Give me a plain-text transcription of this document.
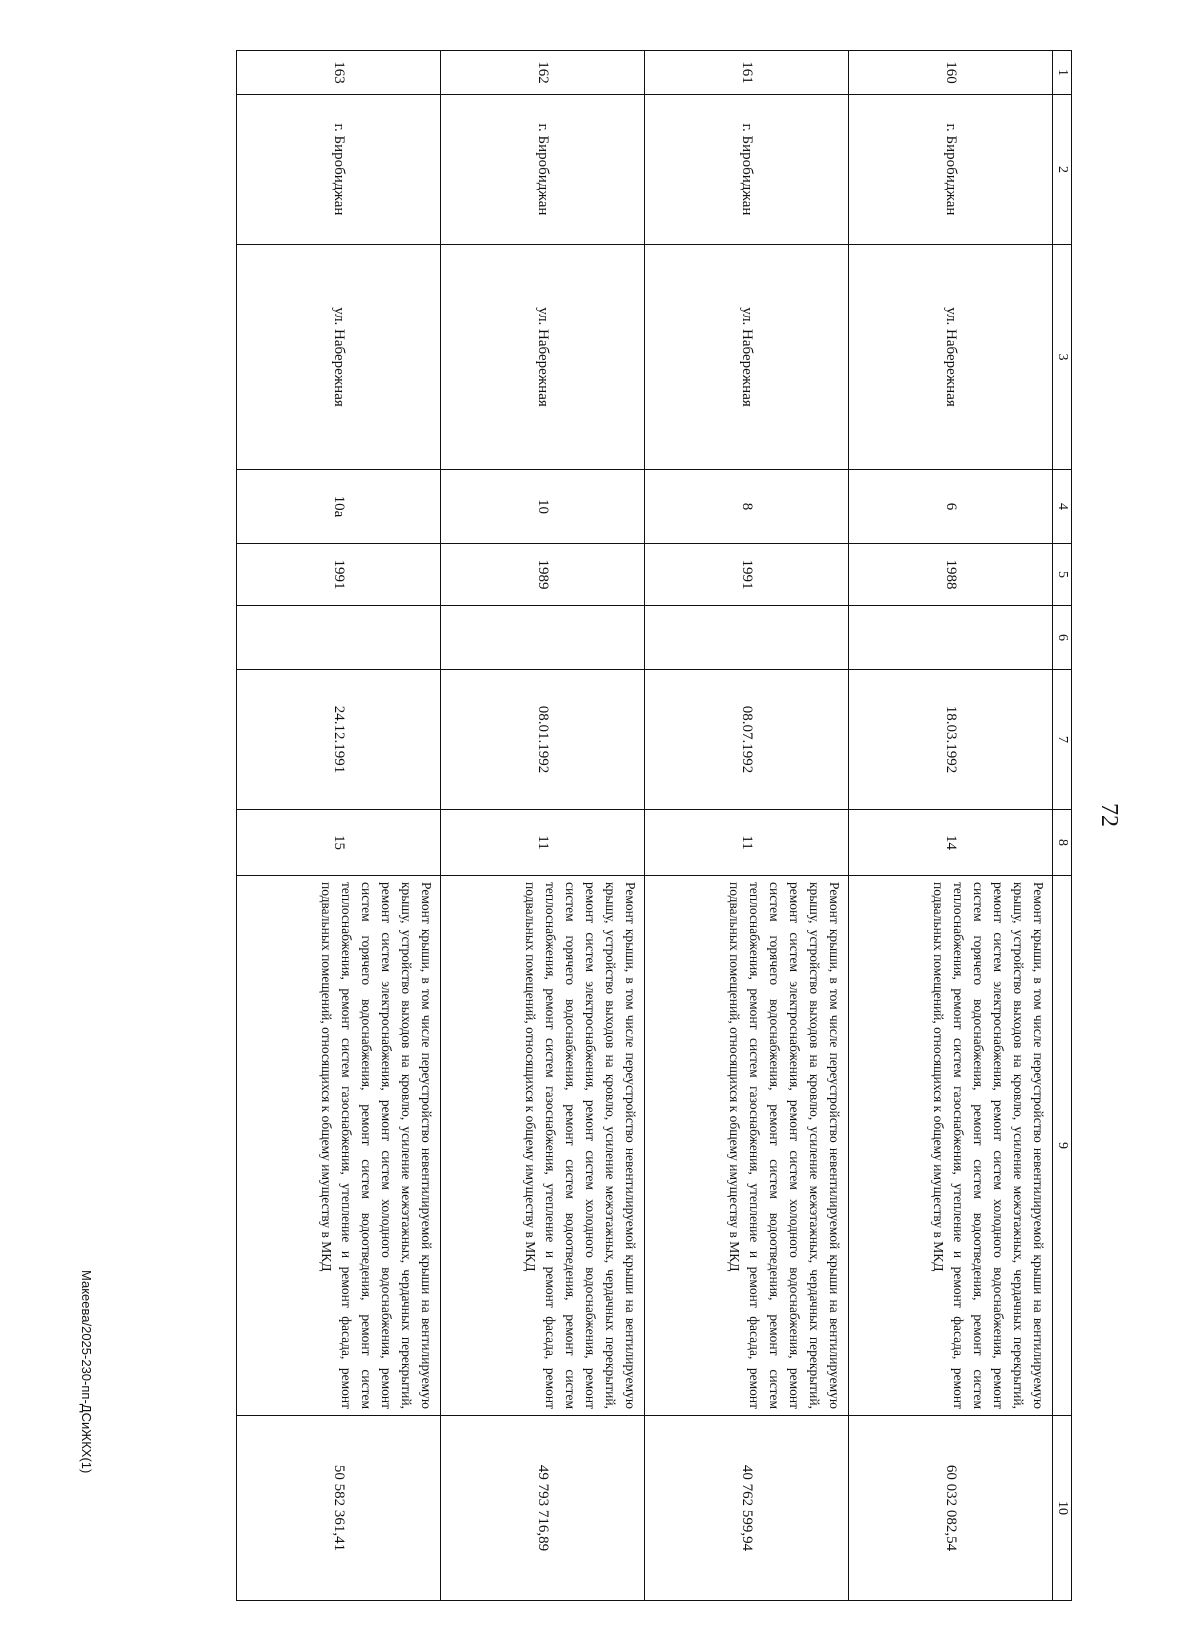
72
1	2	3	4	5	6	7	8	9	10
160	г. Биробиджан	ул. Набережная	6	1988		18.03.1992	14	Ремонт крыши, в том числе переустройство невентилируемой крыши на вентилируемую крышу, устройство выходов на кровлю, усиление межэтажных, чердачных перекрытий, ремонт систем электроснабжения, ремонт систем холодного водоснабжения, ремонт систем горячего водоснабжения, ремонт систем водоотведения, ремонт систем теплоснабжения, ремонт систем газоснабжения, утепление и ремонт фасада, ремонт подвальных помещений, относящихся к общему имуществу в МКД	60 032 082,54
161	г. Биробиджан	ул. Набережная	8	1991		08.07.1992	11	Ремонт крыши, в том числе переустройство невентилируемой крыши на вентилируемую крышу, устройство выходов на кровлю, усиление межэтажных, чердачных перекрытий, ремонт систем электроснабжения, ремонт систем холодного водоснабжения, ремонт систем горячего водоснабжения, ремонт систем водоотведения, ремонт систем теплоснабжения, ремонт систем газоснабжения, утепление и ремонт фасада, ремонт подвальных помещений, относящихся к общему имуществу в МКД	40 762 599,94
162	г. Биробиджан	ул. Набережная	10	1989		08.01.1992	11	Ремонт крыши, в том числе переустройство невентилируемой крыши на вентилируемую крышу, устройство выходов на кровлю, усиление межэтажных, чердачных перекрытий, ремонт систем электроснабжения, ремонт систем холодного водоснабжения, ремонт систем горячего водоснабжения, ремонт систем водоотведения, ремонт систем теплоснабжения, ремонт систем газоснабжения, утепление и ремонт фасада, ремонт подвальных помещений, относящихся к общему имуществу в МКД	49 793 716,89
163	г. Биробиджан	ул. Набережная	10а	1991		24.12.1991	15	Ремонт крыши, в том числе переустройство невентилируемой крыши на вентилируемую крышу, устройство выходов на кровлю, усиление межэтажных, чердачных перекрытий, ремонт систем электроснабжения, ремонт систем холодного водоснабжения, ремонт систем горячего водоснабжения, ремонт систем водоотведения, ремонт систем теплоснабжения, ремонт систем газоснабжения, утепление и ремонт фасада, ремонт подвальных помещений, относящихся к общему имуществу в МКД	50 582 361,41
Макеева/2025-230-пп-ДСиЖКХ(1)
